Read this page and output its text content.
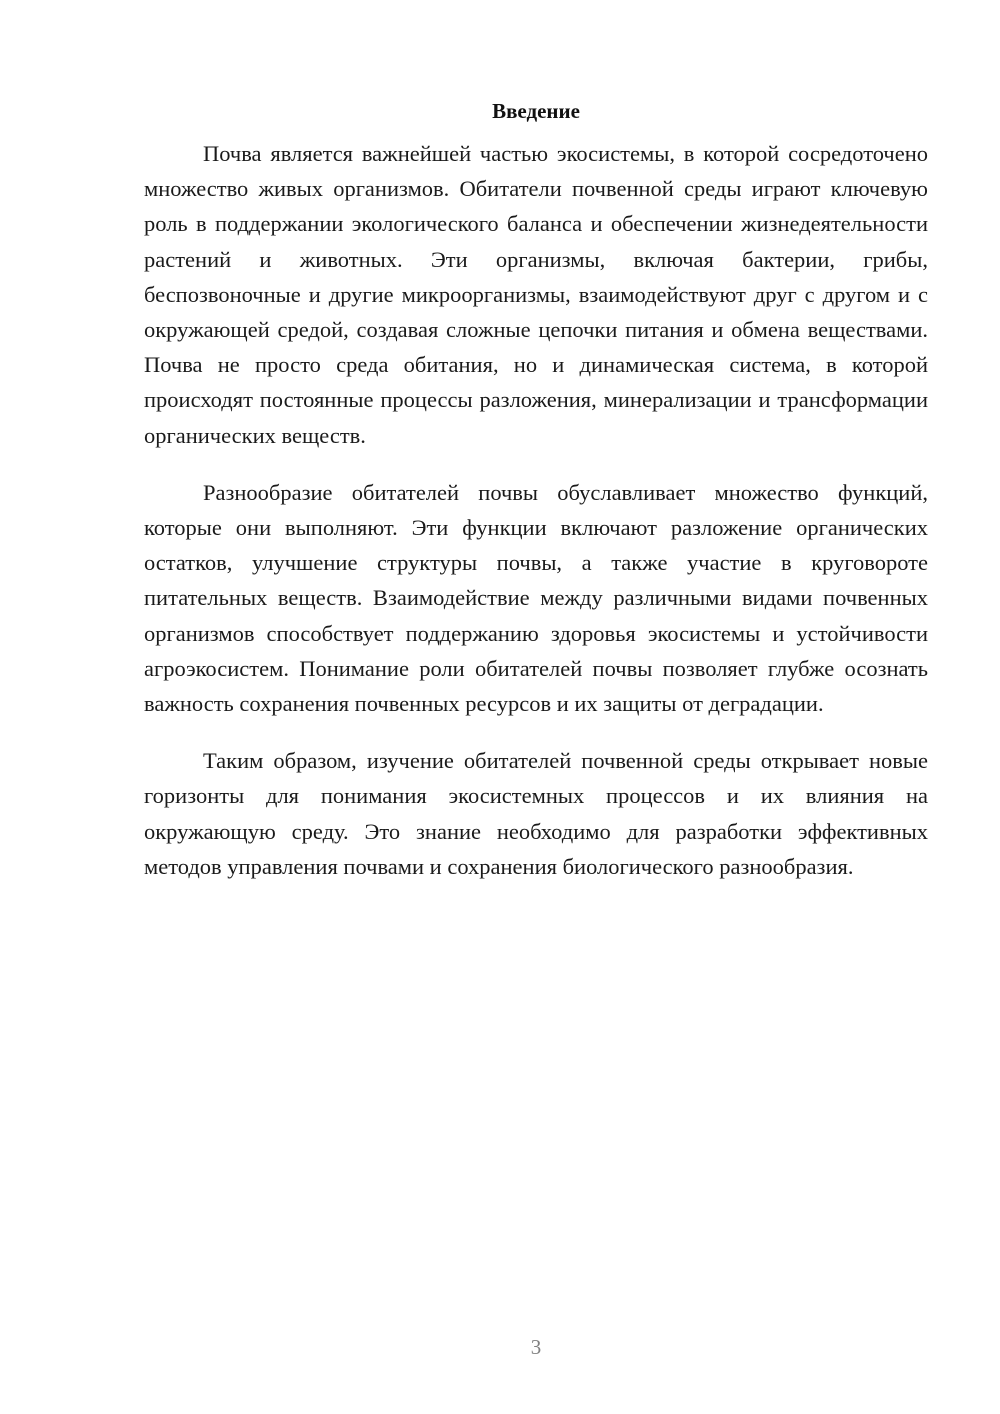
Введение

Почва является важнейшей частью экосистемы, в которой сосредоточено множество живых организмов. Обитатели почвенной среды играют ключевую роль в поддержании экологического баланса и обеспечении жизнедеятельности растений и животных. Эти организмы, включая бактерии, грибы, беспозвоночные и другие микроорганизмы, взаимодействуют друг с другом и с окружающей средой, создавая сложные цепочки питания и обмена веществами. Почва не просто среда обитания, но и динамическая система, в которой происходят постоянные процессы разложения, минерализации и трансформации органических веществ.

Разнообразие обитателей почвы обуславливает множество функций, которые они выполняют. Эти функции включают разложение органических остатков, улучшение структуры почвы, а также участие в круговороте питательных веществ. Взаимодействие между различными видами почвенных организмов способствует поддержанию здоровья экосистемы и устойчивости агроэкосистем. Понимание роли обитателей почвы позволяет глубже осознать важность сохранения почвенных ресурсов и их защиты от деградации.

Таким образом, изучение обитателей почвенной среды открывает новые горизонты для понимания экосистемных процессов и их влияния на окружающую среду. Это знание необходимо для разработки эффективных методов управления почвами и сохранения биологического разнообразия.

3
